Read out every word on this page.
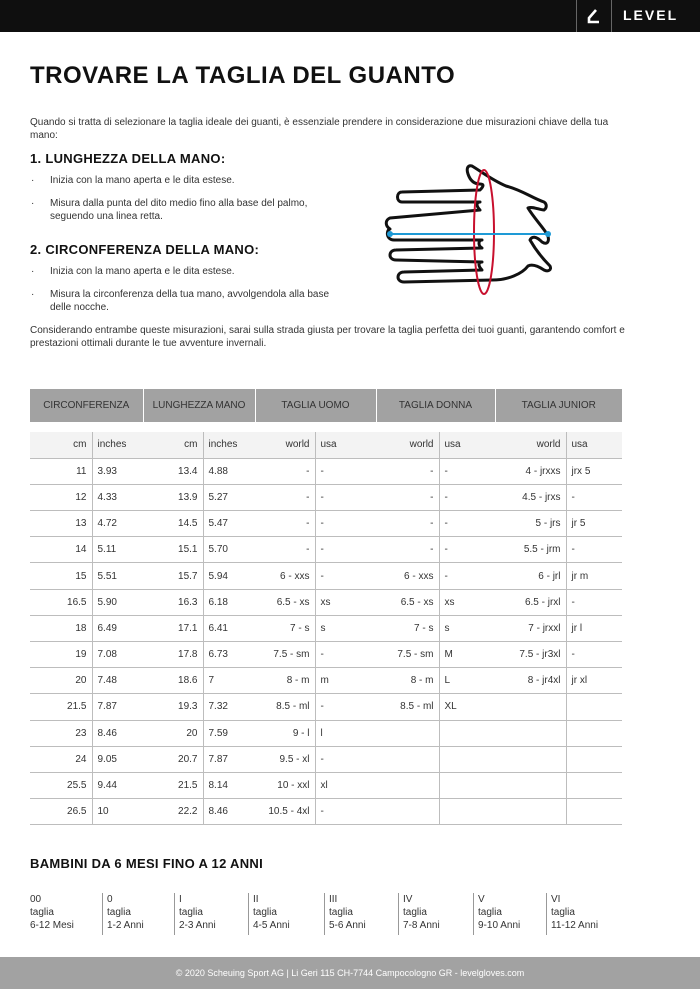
LEVEL
TROVARE LA TAGLIA DEL GUANTO

Quando si tratta di selezionare la taglia ideale dei guanti, è essenziale prendere in considerazione due misurazioni chiave della tua mano:

1. LUNGHEZZA DELLA MANO:
· Inizia con la mano aperta e le dita estese.
· Misura dalla punta del dito medio fino alla base del palmo, seguendo una linea retta.
2. CIRCONFERENZA DELLA MANO:
· Inizia con la mano aperta e le dita estese.
· Misura la circonferenza della tua mano, avvolgendola alla base delle nocche.

Considerando entrambe queste misurazioni, sarai sulla strada giusta per trovare la taglia perfetta dei tuoi guanti, garantendo comfort e prestazioni ottimali durante le tue avventure invernali.

CIRCONFERENZA		LUNGHEZZA MANO		TAGLIA UOMO		TAGLIA DONNA		TAGLIA JUNIOR	

cm	inches	cm	inches	world	usa	world	usa	world	usa
11	3.93	13.4	4.88	-	-	-	-	4 - jrxxs	jrx 5
12	4.33	13.9	5.27	-	-	-	-	4.5 - jrxs	-
13	4.72	14.5	5.47	-	-	-	-	5 - jrs	jr 5
14	5.11	15.1	5.70	-	-	-	-	5.5 - jrm	-
15	5.51	15.7	5.94	6 - xxs	-	6 - xxs	-	6 - jrl	jr m
16.5	5.90	16.3	6.18	6.5 - xs	xs	6.5 - xs	xs	6.5 - jrxl	-
18	6.49	17.1	6.41	7 - s	s	7 - s	s	7 - jrxxl	jr l
19	7.08	17.8	6.73	7.5 - sm	-	7.5 - sm	M	7.5 - jr3xl	-
20	7.48	18.6	7	8 - m	m	8 - m	L	8 - jr4xl	jr xl
21.5	7.87	19.3	7.32	8.5 - ml	-	8.5 - ml	XL		
23	8.46	20	7.59	9 - l	l				
24	9.05	20.7	7.87	9.5 - xl	-				
25.5	9.44	21.5	8.14	10 - xxl	xl				
26.5	10	22.2	8.46	10.5 - 4xl	-				
BAMBINI DA 6 MESI FINO A 12 ANNI
00
taglia
6-12 Mesi
0
taglia
1-2 Anni
I
taglia
2-3 Anni
II
taglia
4-5 Anni
III
taglia
5-6 Anni
IV
taglia
7-8 Anni
V
taglia
9-10 Anni
VI
taglia
11-12 Anni
© 2020 Scheuing Sport AG | Li Geri 115 CH-7744 Campocologno GR - levelgloves.com
